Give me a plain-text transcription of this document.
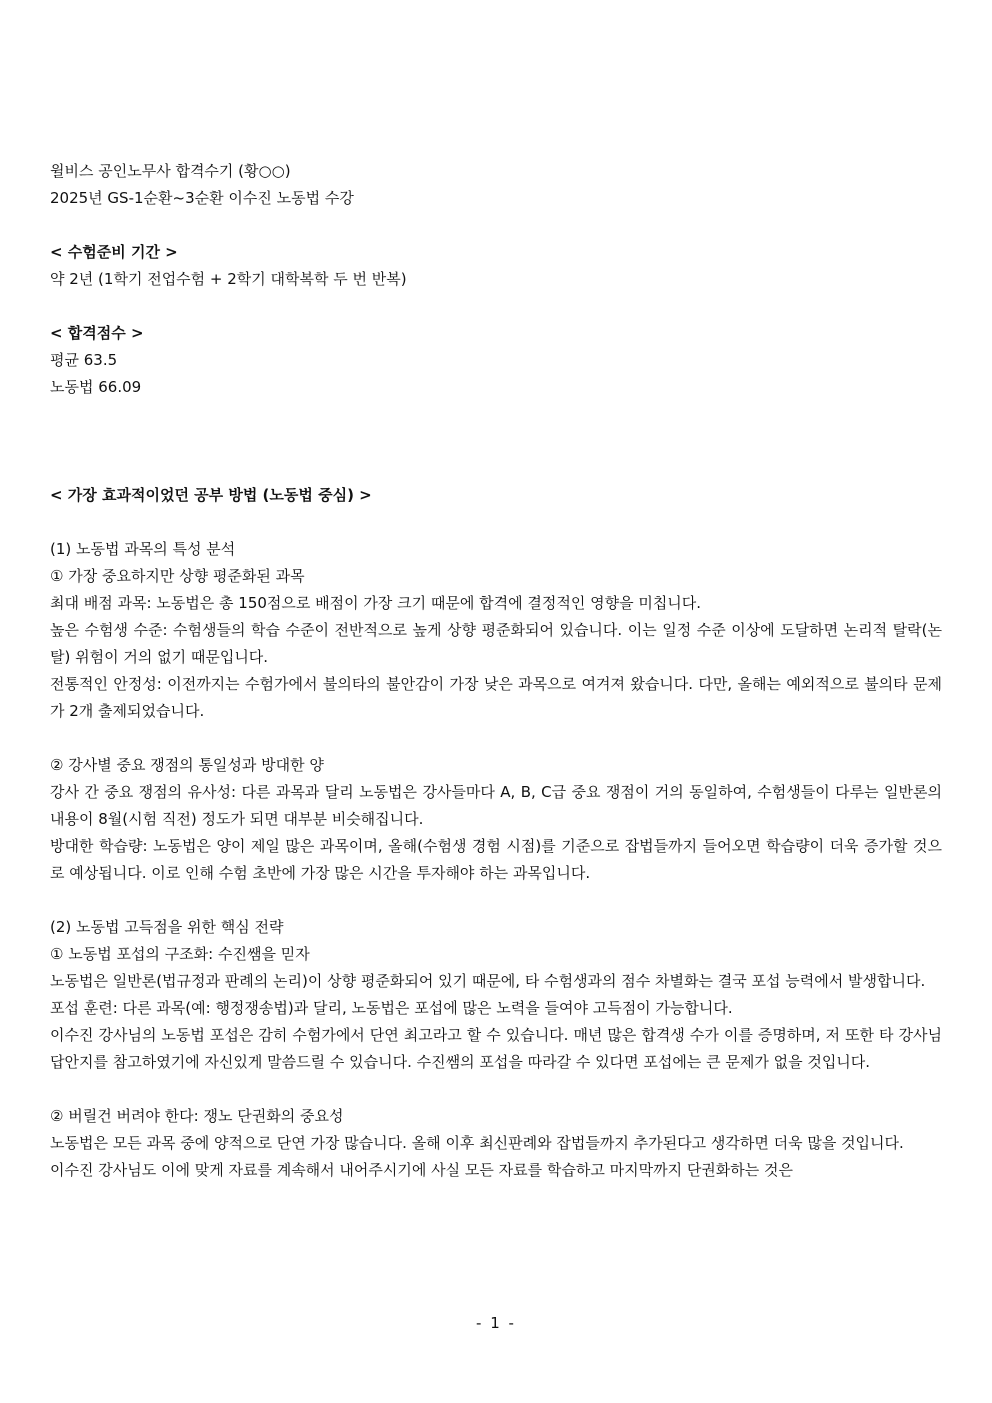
윌비스 공인노무사 합격수기 (황○○)
2025년 GS-1순환~3순환 이수진 노동법 수강
< 수험준비 기간 >
약 2년 (1학기 전업수험 + 2학기 대학복학 두 번 반복)
< 합격점수 >
평균 63.5
노동법 66.09
< 가장 효과적이었던 공부 방법 (노동법 중심) >
(1) 노동법 과목의 특성 분석
① 가장 중요하지만 상향 평준화된 과목
최대 배점 과목: 노동법은 총 150점으로 배점이 가장 크기 때문에 합격에 결정적인 영향을 미칩니다.
높은 수험생 수준: 수험생들의 학습 수준이 전반적으로 높게 상향 평준화되어 있습니다. 이는 일정 수준 이상에 도달하면 논리적 탈락(논탈) 위험이 거의 없기 때문입니다.
전통적인 안정성: 이전까지는 수험가에서 불의타의 불안감이 가장 낮은 과목으로 여겨져 왔습니다. 다만, 올해는 예외적으로 불의타 문제가 2개 출제되었습니다.
② 강사별 중요 쟁점의 통일성과 방대한 양
강사 간 중요 쟁점의 유사성: 다른 과목과 달리 노동법은 강사들마다 A, B, C급 중요 쟁점이 거의 동일하여, 수험생들이 다루는 일반론의 내용이 8월(시험 직전) 정도가 되면 대부분 비슷해집니다.
방대한 학습량: 노동법은 양이 제일 많은 과목이며, 올해(수험생 경험 시점)를 기준으로 잡법들까지 들어오면 학습량이 더욱 증가할 것으로 예상됩니다. 이로 인해 수험 초반에 가장 많은 시간을 투자해야 하는 과목입니다.
(2) 노동법 고득점을 위한 핵심 전략
① 노동법 포섭의 구조화: 수진쌤을 믿자
노동법은 일반론(법규정과 판례의 논리)이 상향 평준화되어 있기 때문에, 타 수험생과의 점수 차별화는 결국 포섭 능력에서 발생합니다.
포섭 훈련: 다른 과목(예: 행정쟁송법)과 달리, 노동법은 포섭에 많은 노력을 들여야 고득점이 가능합니다.
이수진 강사님의 노동법 포섭은 감히 수험가에서 단연 최고라고 할 수 있습니다. 매년 많은 합격생 수가 이를 증명하며, 저 또한 타 강사님 답안지를 참고하였기에 자신있게 말씀드릴 수 있습니다. 수진쌤의 포섭을 따라갈 수 있다면 포섭에는 큰 문제가 없을 것입니다.
② 버릴건 버려야 한다: 쟁노 단권화의 중요성
노동법은 모든 과목 중에 양적으로 단연 가장 많습니다. 올해 이후 최신판례와 잡법들까지 추가된다고 생각하면 더욱 많을 것입니다.
이수진 강사님도 이에 맞게 자료를 계속해서 내어주시기에 사실 모든 자료를 학습하고 마지막까지 단권화하는 것은
- 1 -
